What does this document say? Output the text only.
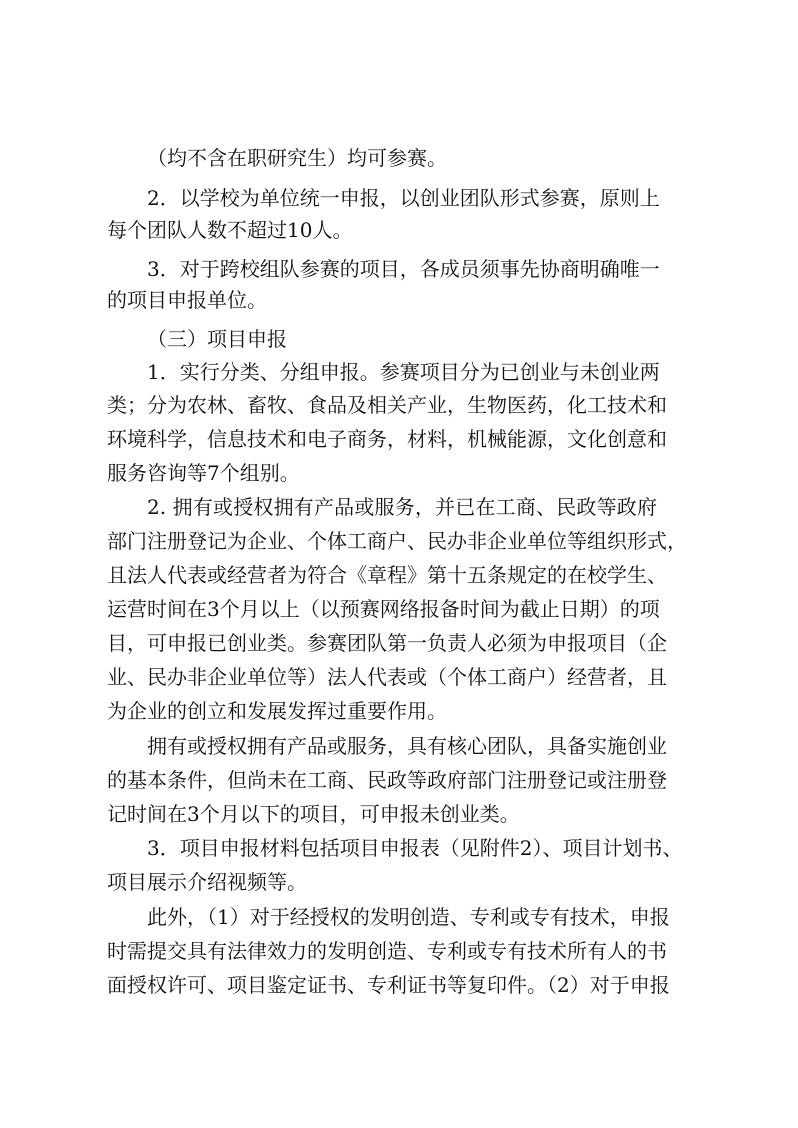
（均不含在职研究生）均可参赛。
2．以学校为单位统一申报，以创业团队形式参赛，原则上
每个团队人数不超过10人。
3．对于跨校组队参赛的项目，各成员须事先协商明确唯一
的项目申报单位。
（三）项目申报
1．实行分类、分组申报。参赛项目分为已创业与未创业两
类；分为农林、畜牧、食品及相关产业，生物医药，化工技术和
环境科学，信息技术和电子商务，材料，机械能源，文化创意和
服务咨询等7个组别。
2. 拥有或授权拥有产品或服务，并已在工商、民政等政府
部门注册登记为企业、个体工商户、民办非企业单位等组织形式，
且法人代表或经营者为符合《章程》第十五条规定的在校学生、
运营时间在3个月以上（以预赛网络报备时间为截止日期）的项
目，可申报已创业类。参赛团队第一负责人必须为申报项目（企
业、民办非企业单位等）法人代表或（个体工商户）经营者，且
为企业的创立和发展发挥过重要作用。
拥有或授权拥有产品或服务，具有核心团队，具备实施创业
的基本条件，但尚未在工商、民政等政府部门注册登记或注册登
记时间在3个月以下的项目，可申报未创业类。
3．项目申报材料包括项目申报表（见附件2）、项目计划书、
项目展示介绍视频等。
此外，（1）对于经授权的发明创造、专利或专有技术，申报
时需提交具有法律效力的发明创造、专利或专有技术所有人的书
面授权许可、项目鉴定证书、专利证书等复印件。（2）对于申报
